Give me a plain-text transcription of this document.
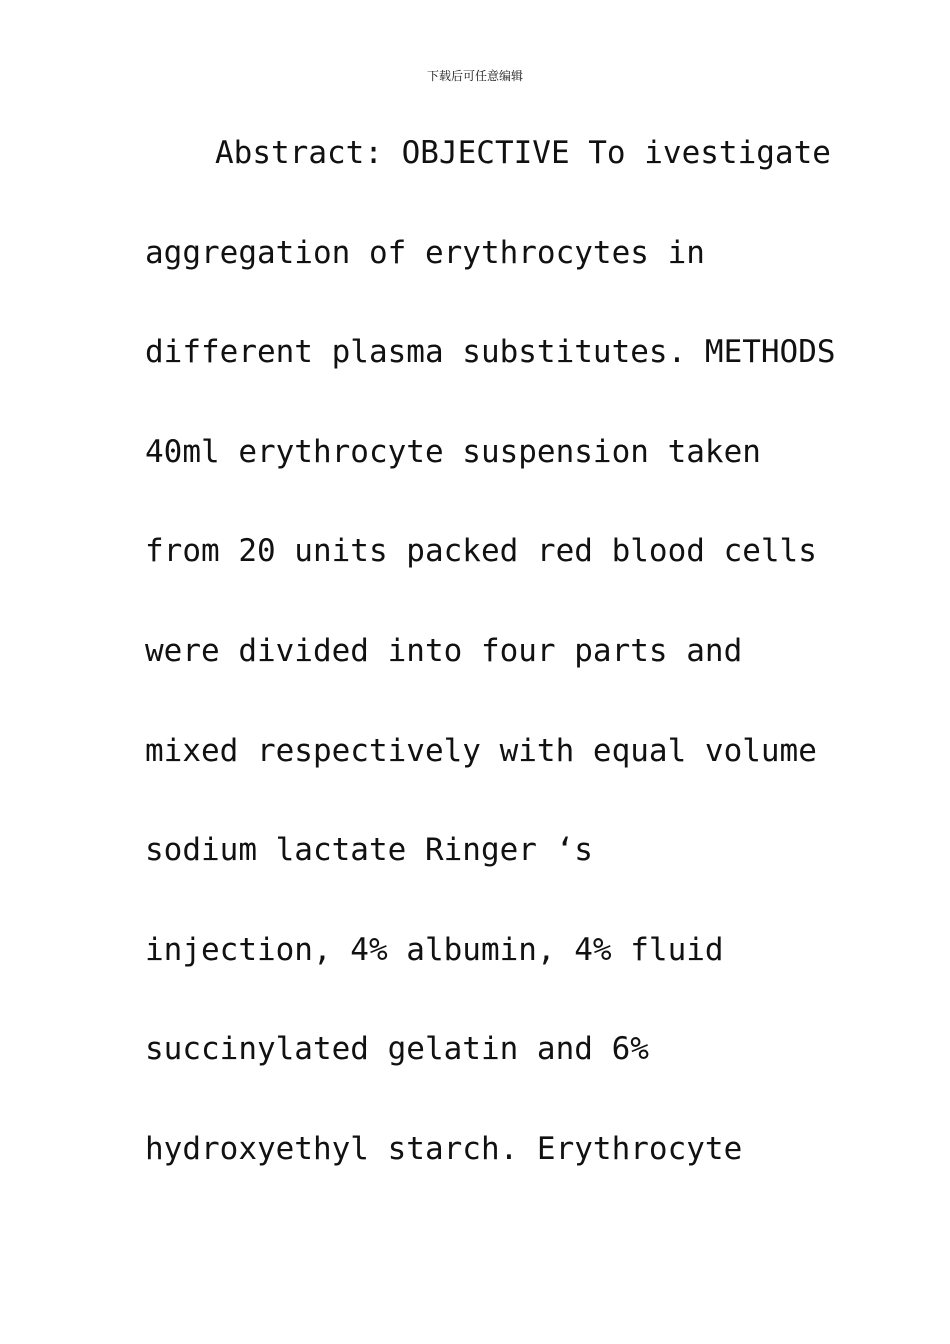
下载后可任意编辑
Abstract: OBJECTIVE To ivestigate
aggregation of erythrocytes in
different plasma substitutes. METHODS
40ml erythrocyte suspension taken
from 20 units packed red blood cells
were divided into four parts and
mixed respectively with equal volume
sodium lactate Ringer ‘s
injection, 4% albumin, 4% fluid
succinylated gelatin and 6%
hydroxyethyl starch. Erythrocyte
